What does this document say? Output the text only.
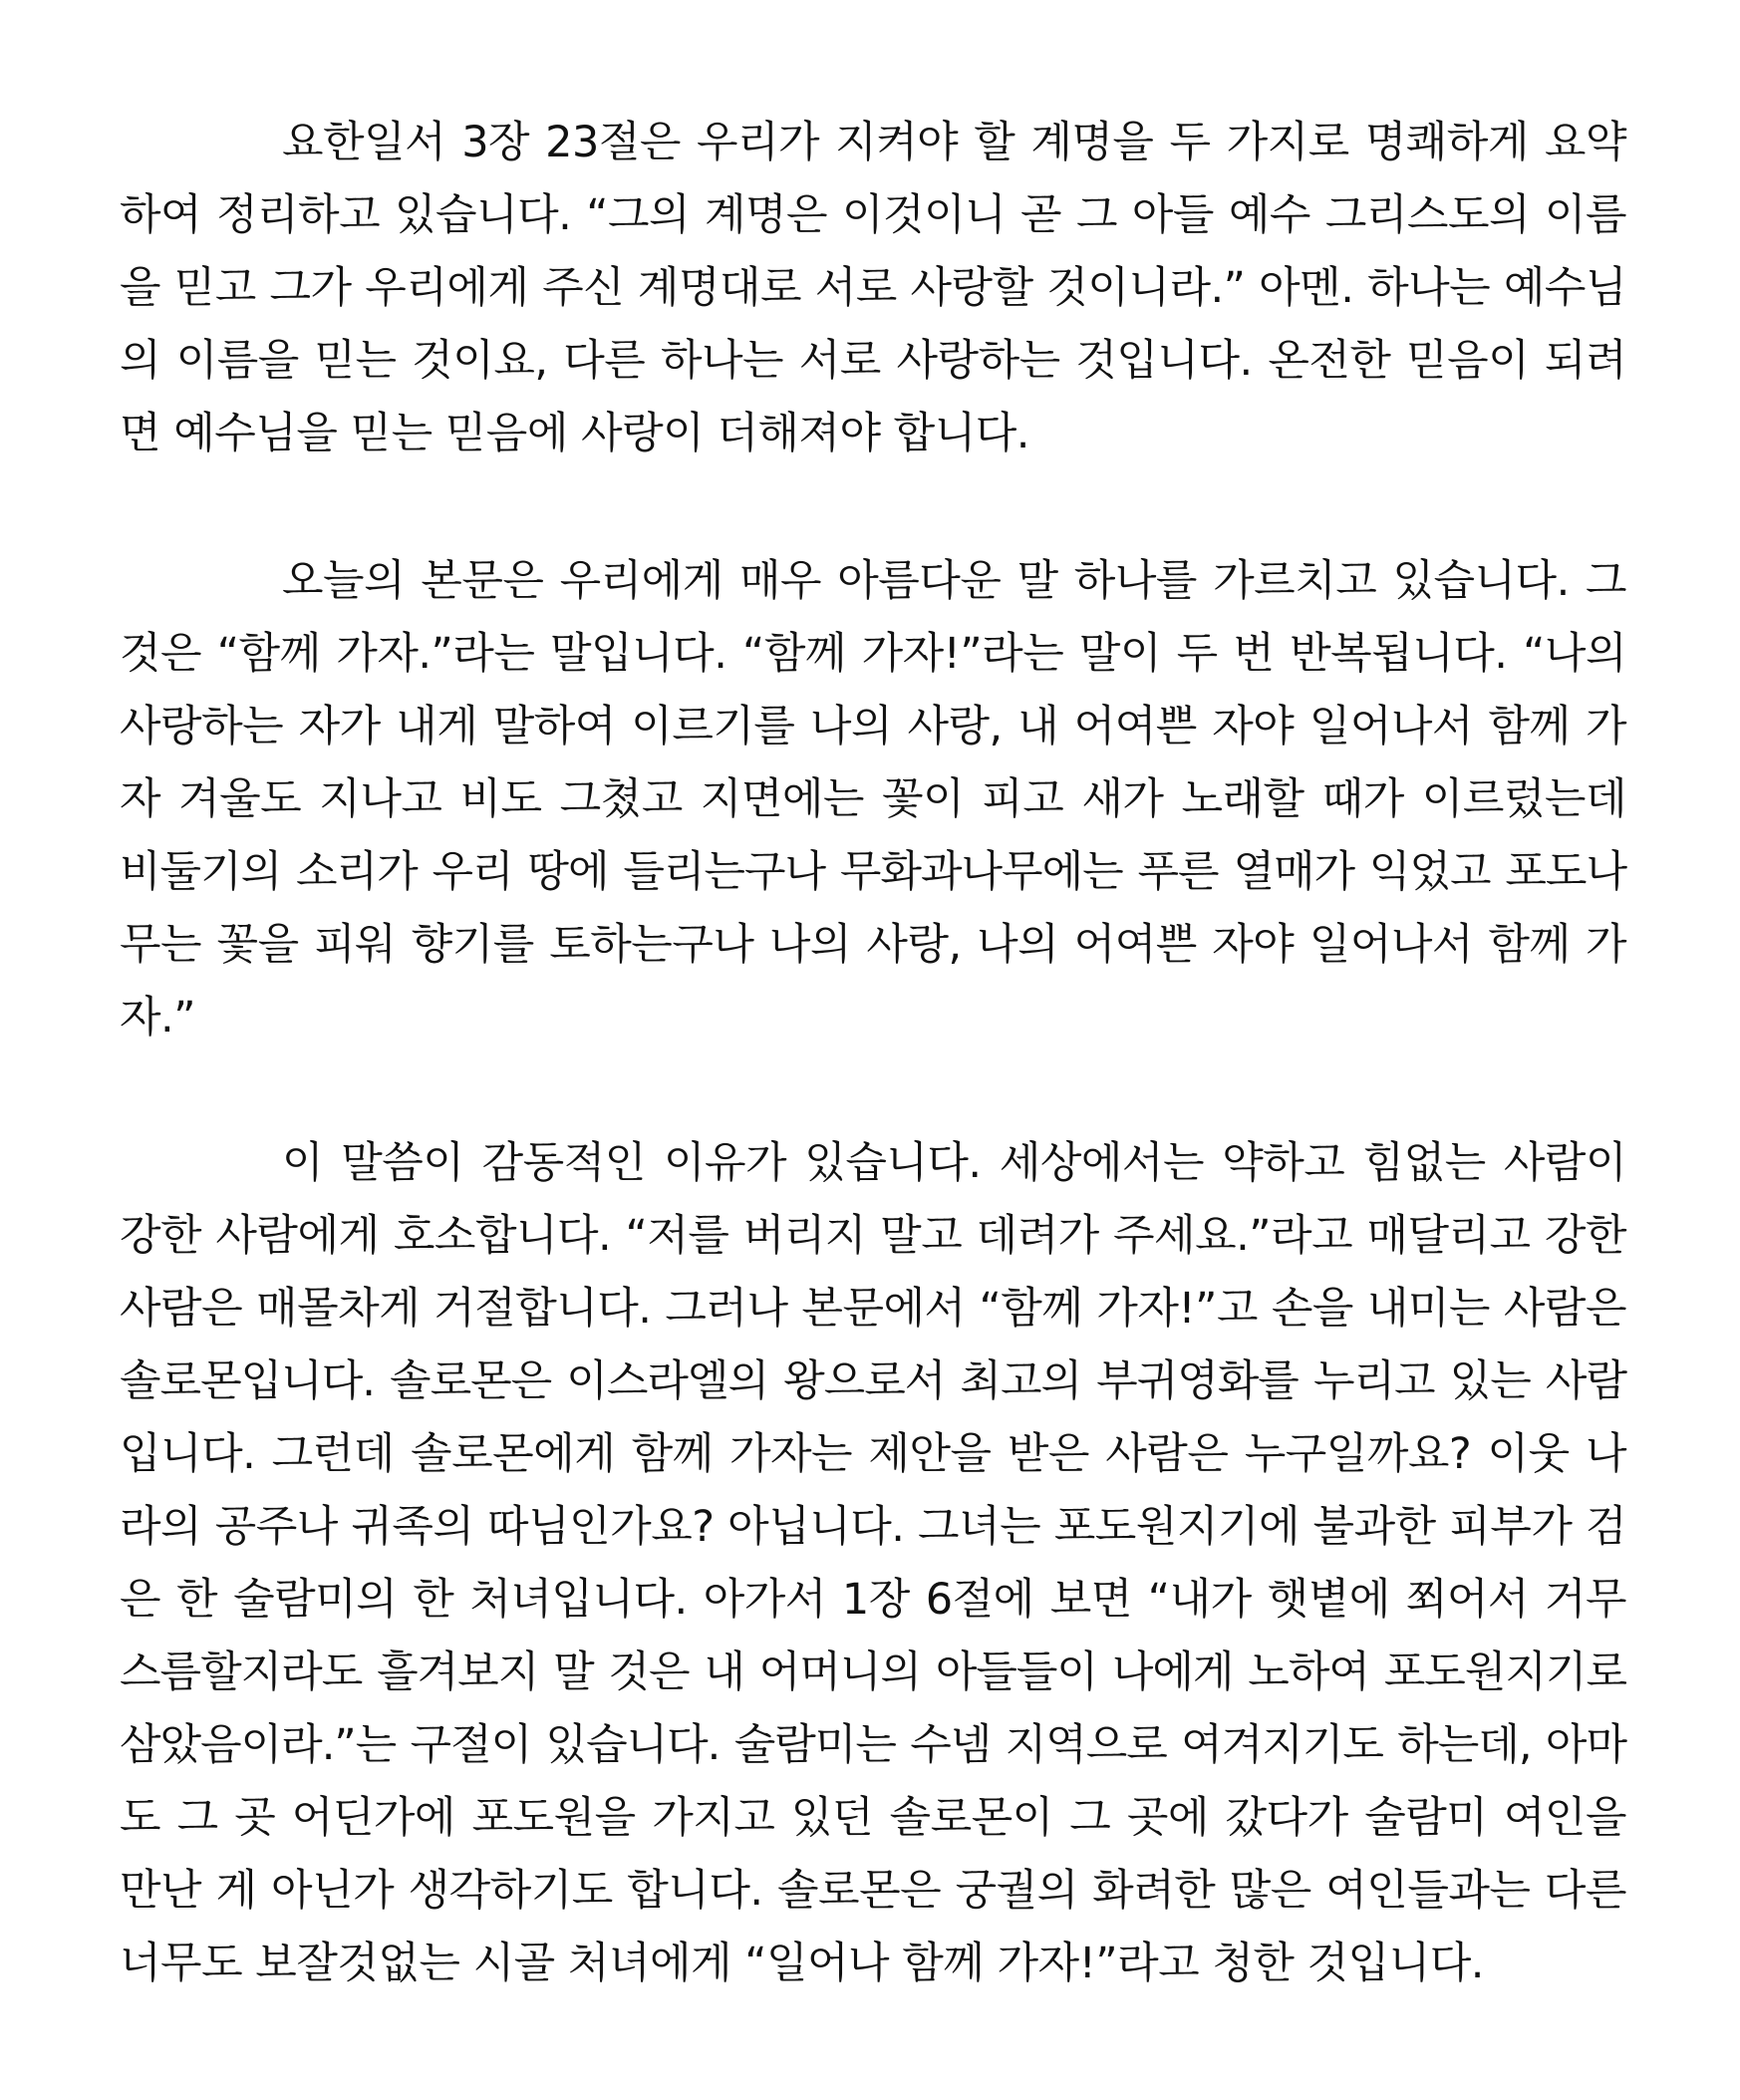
요한일서 3장 23절은 우리가 지켜야 할 계명을 두 가지로 명쾌하게 요약
하여 정리하고 있습니다. “그의 계명은 이것이니 곧 그 아들 예수 그리스도의 이름
을 믿고 그가 우리에게 주신 계명대로 서로 사랑할 것이니라.” 아멘. 하나는 예수님
의 이름을 믿는 것이요, 다른 하나는 서로 사랑하는 것입니다. 온전한 믿음이 되려
면 예수님을 믿는 믿음에 사랑이 더해져야 합니다.
오늘의 본문은 우리에게 매우 아름다운 말 하나를 가르치고 있습니다. 그
것은 “함께 가자.”라는 말입니다. “함께 가자!”라는 말이 두 번 반복됩니다. “나의
사랑하는 자가 내게 말하여 이르기를 나의 사랑, 내 어여쁜 자야 일어나서 함께 가
자 겨울도 지나고 비도 그쳤고 지면에는 꽃이 피고 새가 노래할 때가 이르렀는데
비둘기의 소리가 우리 땅에 들리는구나 무화과나무에는 푸른 열매가 익었고 포도나
무는 꽃을 피워 향기를 토하는구나 나의 사랑, 나의 어여쁜 자야 일어나서 함께 가
자.”
이 말씀이 감동적인 이유가 있습니다. 세상에서는 약하고 힘없는 사람이
강한 사람에게 호소합니다. “저를 버리지 말고 데려가 주세요.”라고 매달리고 강한
사람은 매몰차게 거절합니다. 그러나 본문에서 “함께 가자!”고 손을 내미는 사람은
솔로몬입니다. 솔로몬은 이스라엘의 왕으로서 최고의 부귀영화를 누리고 있는 사람
입니다. 그런데 솔로몬에게 함께 가자는 제안을 받은 사람은 누구일까요? 이웃 나
라의 공주나 귀족의 따님인가요? 아닙니다. 그녀는 포도원지기에 불과한 피부가 검
은 한 술람미의 한 처녀입니다. 아가서 1장 6절에 보면 “내가 햇볕에 쬐어서 거무
스름할지라도 흘겨보지 말 것은 내 어머니의 아들들이 나에게 노하여 포도원지기로
삼았음이라.”는 구절이 있습니다. 술람미는 수넴 지역으로 여겨지기도 하는데, 아마
도 그 곳 어딘가에 포도원을 가지고 있던 솔로몬이 그 곳에 갔다가 술람미 여인을
만난 게 아닌가 생각하기도 합니다. 솔로몬은 궁궐의 화려한 많은 여인들과는 다른
너무도 보잘것없는 시골 처녀에게 “일어나 함께 가자!”라고 청한 것입니다.
